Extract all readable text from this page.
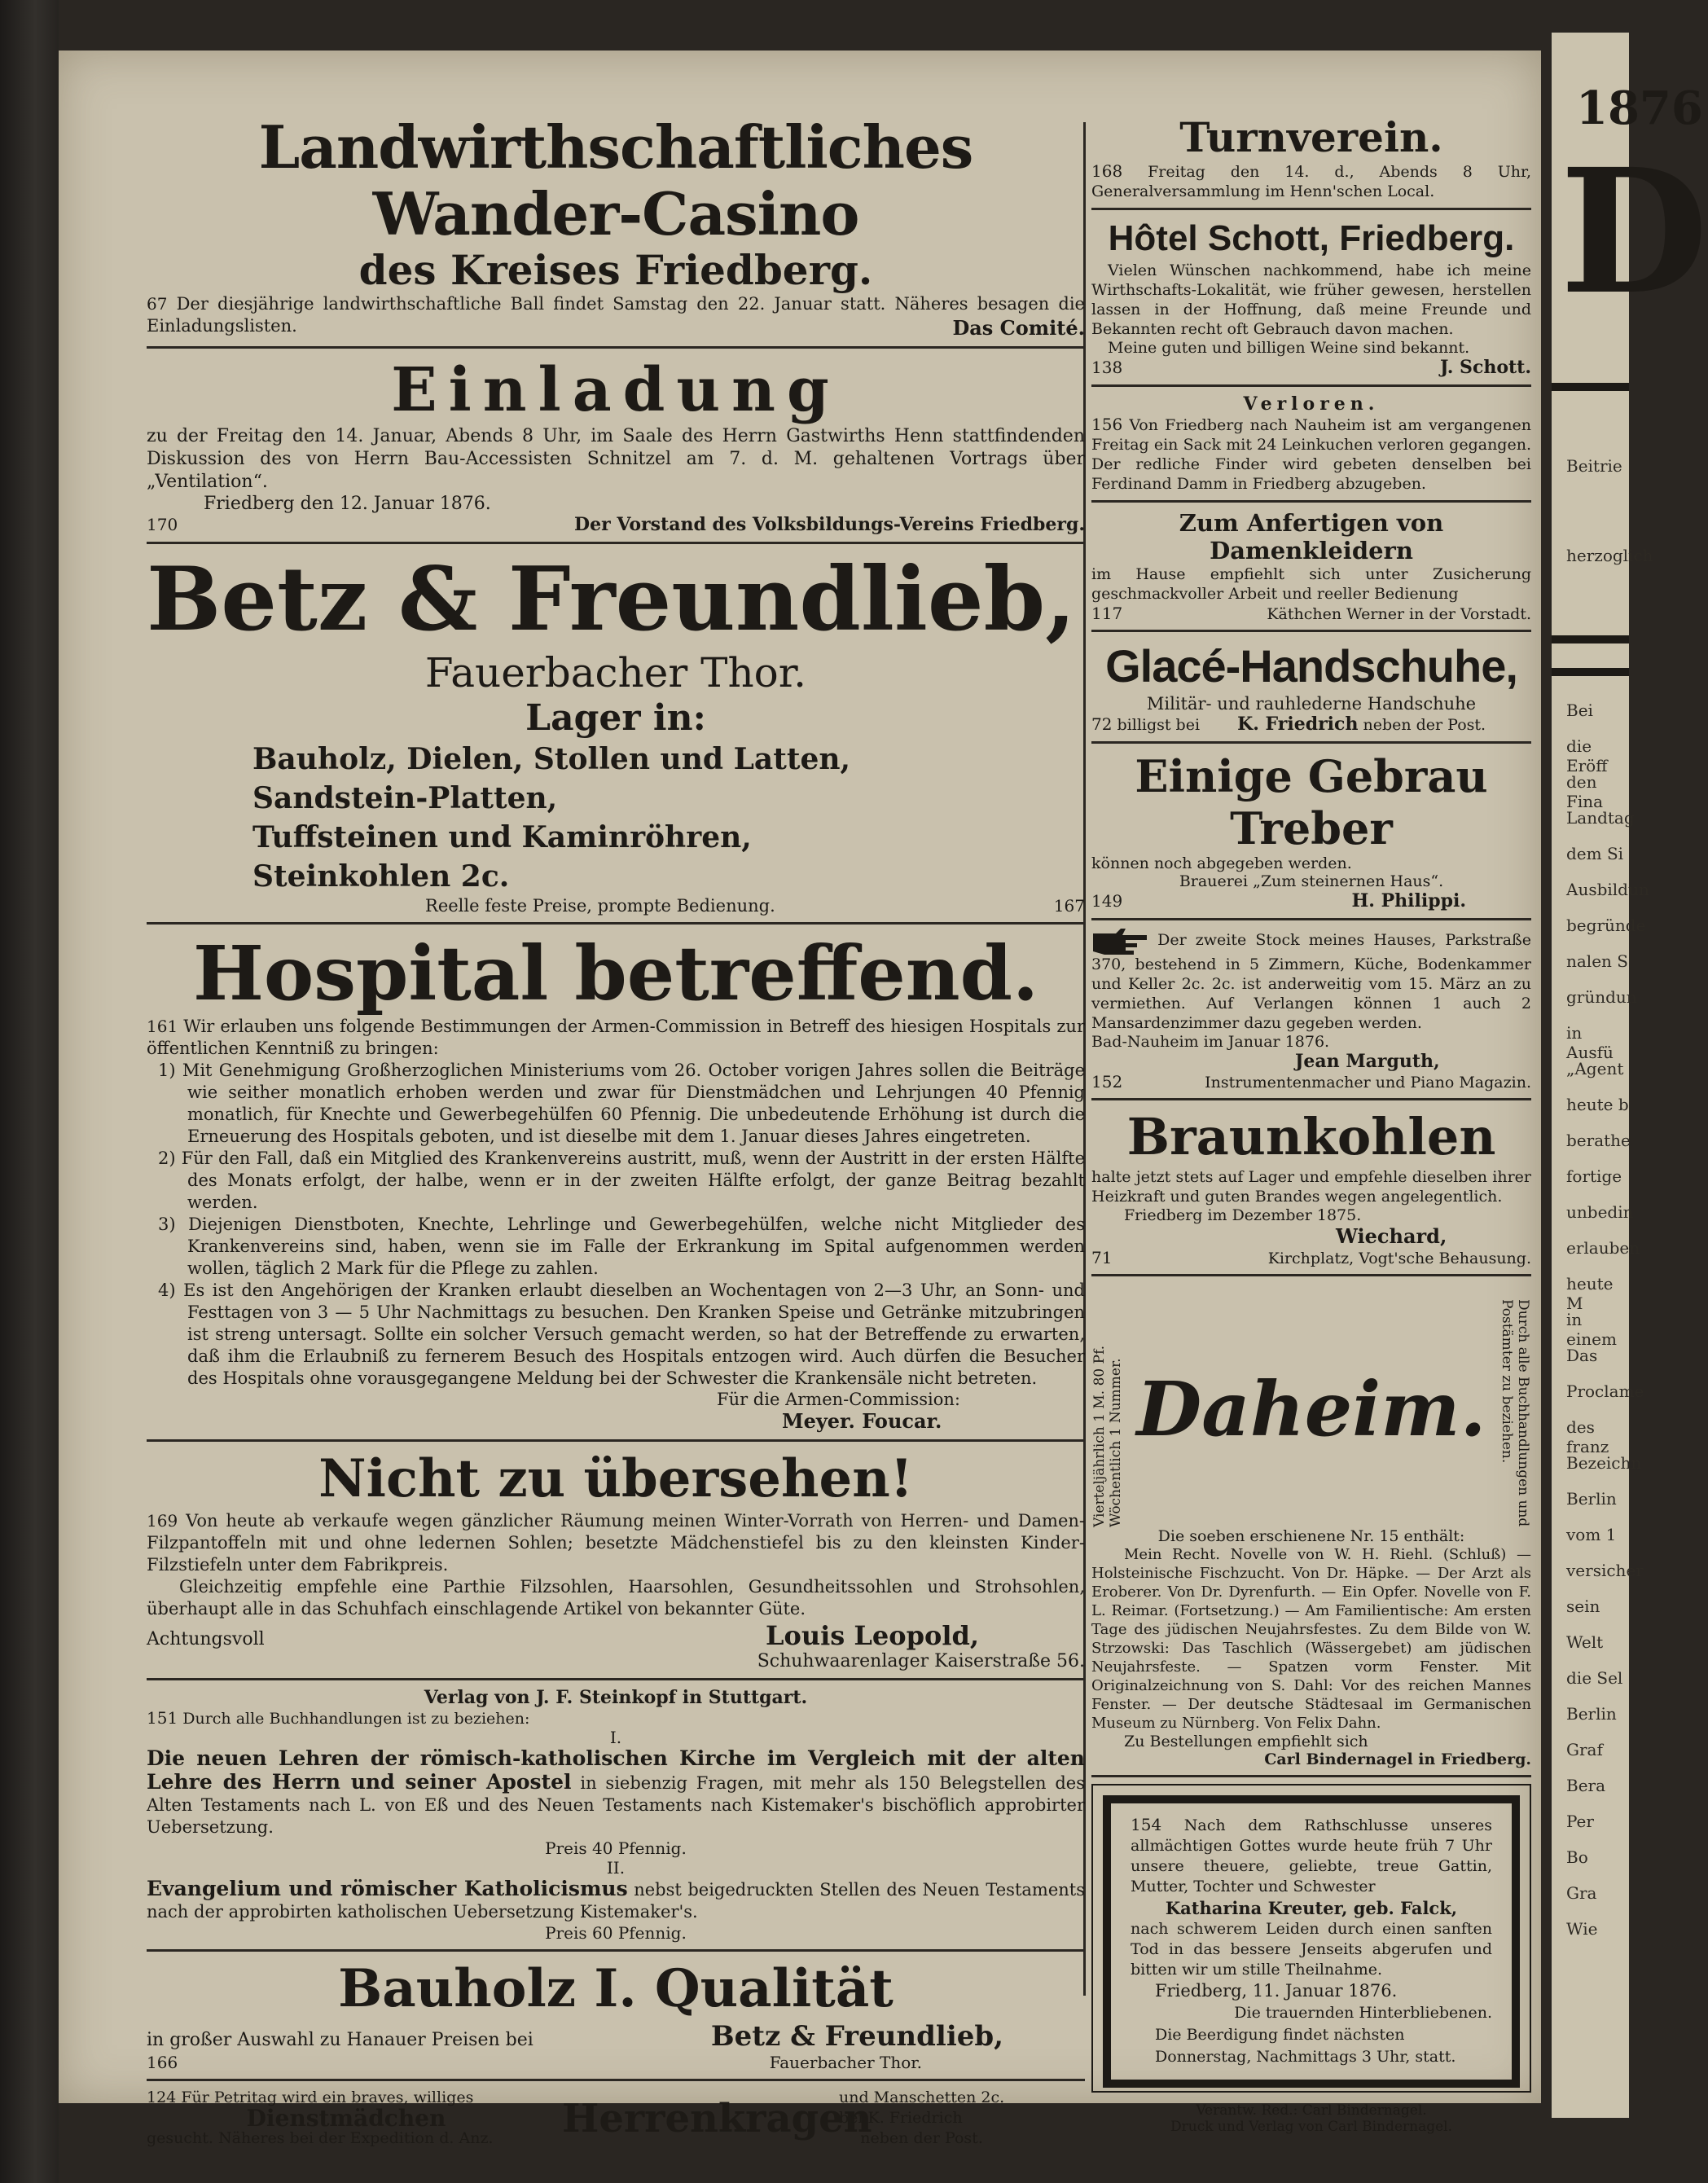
1876
D
Beitrie
herzoglich
Bei
die Eröff
den Fina
Landtag
dem Si
Ausbildun
begründe
nalen S
gründun
in Ausfü
„Agent
heute b
berathe
fortige
unbedin
erlauben
heute M
in einem
Das
Proclame
des franz
Bezeichn
Berlin
vom 1
versicher
sein
Welt
die Sel
Berlin
Graf
Bera
Per
Bo
Gra
Wie
Landwirthschaftliches Wander-Casino
des Kreises Friedberg.

67 Der diesjährige landwirthschaftliche Ball findet Samstag den 22. Januar statt. Näheres besagen die Einladungslisten.	Das Comité.

Einladung

zu der Freitag den 14. Januar, Abends 8 Uhr, im Saale des Herrn Gastwirths Henn stattfindenden Diskussion des von Herrn Bau-Accessisten Schnitzel am 7. d. M. gehaltenen Vortrags über „Ventilation“.

Friedberg den 12. Januar 1876.

170	Der Vorstand des Volksbildungs-Vereins Friedberg.
Betz & Freundlieb,
Fauerbacher Thor.
Lager in:
Bauholz, Dielen, Stollen und Latten,
Sandstein-Platten,
Tuffsteinen und Kaminröhren,
Steinkohlen 2c.
Reelle feste Preise, prompte Bedienung.	167
Hospital betreffend.

161 Wir erlauben uns folgende Bestimmungen der Armen-Commission in Betreff des hiesigen Hospitals zur öffentlichen Kenntniß zu bringen:

1) Mit Genehmigung Großherzoglichen Ministeriums vom 26. October vorigen Jahres sollen die Beiträge wie seither monatlich erhoben werden und zwar für Dienstmädchen und Lehrjungen 40 Pfennig monatlich, für Knechte und Gewerbegehülfen 60 Pfennig. Die unbedeutende Erhöhung ist durch die Erneuerung des Hospitals geboten, und ist dieselbe mit dem 1. Januar dieses Jahres eingetreten.

2) Für den Fall, daß ein Mitglied des Krankenvereins austritt, muß, wenn der Austritt in der ersten Hälfte des Monats erfolgt, der halbe, wenn er in der zweiten Hälfte erfolgt, der ganze Beitrag bezahlt werden.

3) Diejenigen Dienstboten, Knechte, Lehrlinge und Gewerbegehülfen, welche nicht Mitglieder des Krankenvereins sind, haben, wenn sie im Falle der Erkrankung im Spital aufgenommen werden wollen, täglich 2 Mark für die Pflege zu zahlen.

4) Es ist den Angehörigen der Kranken erlaubt dieselben an Wochentagen von 2—3 Uhr, an Sonn- und Festtagen von 3 — 5 Uhr Nachmittags zu besuchen. Den Kranken Speise und Getränke mitzubringen ist streng untersagt. Sollte ein solcher Versuch gemacht werden, so hat der Betreffende zu erwarten, daß ihm die Erlaubniß zu fernerem Besuch des Hospitals entzogen wird. Auch dürfen die Besucher des Hospitals ohne vorausgegangene Meldung bei der Schwester die Krankensäle nicht betreten.

Für die Armen-Commission:

Meyer. Foucar.

Nicht zu übersehen!

169 Von heute ab verkaufe wegen gänzlicher Räumung meinen Winter-Vorrath von Herren- und Damen-Filzpantoffeln mit und ohne ledernen Sohlen; besetzte Mädchenstiefel bis zu den kleinsten Kinder-Filzstiefeln unter dem Fabrikpreis.

Gleichzeitig empfehle eine Parthie Filzsohlen, Haarsohlen, Gesundheitssohlen und Strohsohlen, überhaupt alle in das Schuhfach einschlagende Artikel von bekannter Güte.

Achtungsvoll	Louis Leopold,

Schuhwaarenlager Kaiserstraße 56.

Verlag von J. F. Steinkopf in Stuttgart.

151 Durch alle Buchhandlungen ist zu beziehen:

I.

Die neuen Lehren der römisch-katholischen Kirche im Vergleich mit der alten Lehre des Herrn und seiner Apostel in siebenzig Fragen, mit mehr als 150 Belegstellen des Alten Testaments nach L. von Eß und des Neuen Testaments nach Kistemaker's bischöflich approbirter Uebersetzung.

Preis 40 Pfennig.

II.

Evangelium und römischer Katholicismus nebst beigedruckten Stellen des Neuen Testaments nach der approbirten katholischen Uebersetzung Kistemaker's.

Preis 60 Pfennig.

Bauholz I. Qualität
in großer Auswahl zu Hanauer Preisen bei	Betz & Freundlieb,
166	Fauerbacher Thor.

124 Für Petritag wird ein braves, williges

Dienstmädchen

gesucht. Näheres bei der Expedition d. Anz.	Herrenkragen

und Manschetten 2c.

bei K. Friedrich

neben der Post.

Turnverein.

168 Freitag den 14. d., Abends 8 Uhr, Generalversammlung im Henn'schen Local.

Hôtel Schott, Friedberg.

Vielen Wünschen nachkommend, habe ich meine Wirthschafts-Lokalität, wie früher gewesen, herstellen lassen in der Hoffnung, daß meine Freunde und Bekannten recht oft Gebrauch davon machen.

Meine guten und billigen Weine sind bekannt.

138	J. Schott.

Verloren.

156 Von Friedberg nach Nauheim ist am vergangenen Freitag ein Sack mit 24 Leinkuchen verloren gegangen. Der redliche Finder wird gebeten denselben bei Ferdinand Damm in Friedberg abzugeben.

Zum Anfertigen von Damenkleidern

im Hause empfiehlt sich unter Zusicherung geschmackvoller Arbeit und reeller Bedienung

117	Käthchen Werner in der Vorstadt.
Glacé-Handschuhe,

Militär- und rauhlederne Handschuhe

72 billigst bei K. Friedrich neben der Post.

Einige Gebrau Treber

können noch abgegeben werden.

Brauerei „Zum steinernen Haus“.

149	H. Philippi.

Der zweite Stock meines Hauses, Parkstraße 370, bestehend in 5 Zimmern, Küche, Bodenkammer und Keller 2c. 2c. ist anderweitig vom 15. März an zu vermiethen. Auf Verlangen können 1 auch 2 Mansardenzimmer dazu gegeben werden.

Bad-Nauheim im Januar 1876.

Jean Marguth,

152	Instrumentenmacher und Piano Magazin.
Braunkohlen

halte jetzt stets auf Lager und empfehle dieselben ihrer Heizkraft und guten Brandes wegen angelegentlich.

Friedberg im Dezember 1875.

Wiechard,

71	Kirchplatz, Vogt'sche Behausung.
Vierteljährlich 1 M. 80 Pf. Wöchentlich 1 Nummer.	Durch alle Buchhandlungen und Postämter zu beziehen.
Daheim.

Die soeben erschienene Nr. 15 enthält:

Mein Recht. Novelle von W. H. Riehl. (Schluß) — Holsteinische Fischzucht. Von Dr. Häpke. — Der Arzt als Eroberer. Von Dr. Dyrenfurth. — Ein Opfer. Novelle von F. L. Reimar. (Fortsetzung.) — Am Familientische: Am ersten Tage des jüdischen Neujahrsfestes. Zu dem Bilde von W. Strzowski: Das Taschlich (Wässergebet) am jüdischen Neujahrsfeste. — Spatzen vorm Fenster. Mit Originalzeichnung von S. Dahl: Vor des reichen Mannes Fenster. — Der deutsche Städtesaal im Germanischen Museum zu Nürnberg. Von Felix Dahn.

Zu Bestellungen empfiehlt sich

Carl Bindernagel in Friedberg.

154 Nach dem Rathschlusse unseres allmächtigen Gottes wurde heute früh 7 Uhr unsere theuere, geliebte, treue Gattin, Mutter, Tochter und Schwester

Katharina Kreuter, geb. Falck,

nach schwerem Leiden durch einen sanften Tod in das bessere Jenseits abgerufen und bitten wir um stille Theilnahme.

Friedberg, 11. Januar 1876.

Die trauernden Hinterbliebenen.

Die Beerdigung findet nächsten Donnerstag, Nachmittags 3 Uhr, statt.

Verantw. Red.: Carl Bindernagel.

Druck und Verlag von Carl Bindernagel.
